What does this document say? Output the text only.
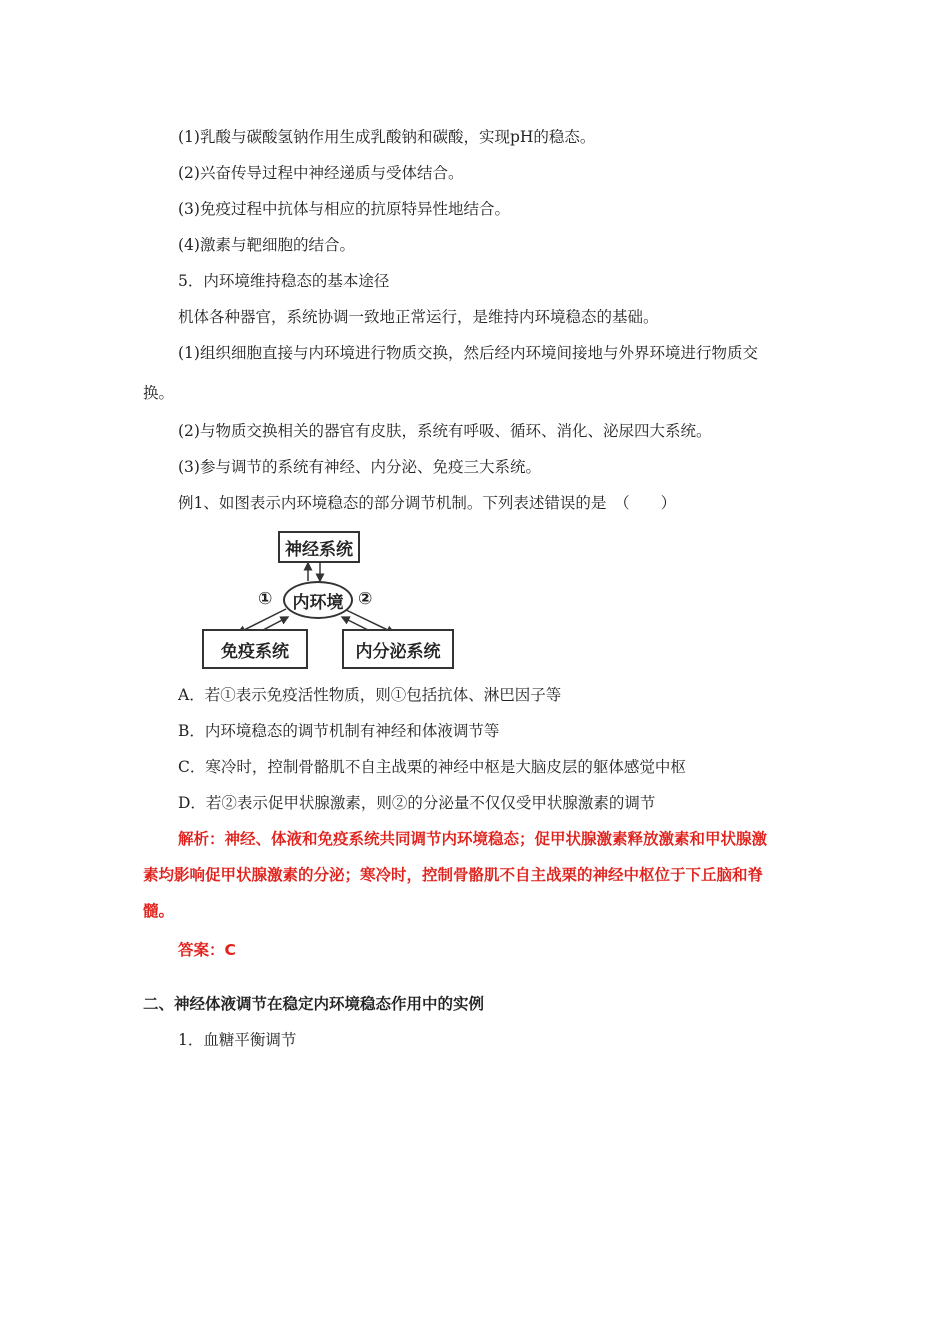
(1)乳酸与碳酸氢钠作用生成乳酸钠和碳酸，实现pH的稳态。
(2)兴奋传导过程中神经递质与受体结合。
(3)免疫过程中抗体与相应的抗原特异性地结合。
(4)激素与靶细胞的结合。
5．内环境维持稳态的基本途径
机体各种器官，系统协调一致地正常运行，是维持内环境稳态的基础。
(1)组织细胞直接与内环境进行物质交换，然后经内环境间接地与外界环境进行物质交
换。
(2)与物质交换相关的器官有皮肤，系统有呼吸、循环、消化、泌尿四大系统。
(3)参与调节的系统有神经、内分泌、免疫三大系统。
例1、如图表示内环境稳态的部分调节机制。下列表述错误的是　（　　）
神经系统
内环境
①	②
免疫系统	内分泌系统
A．若①表示免疫活性物质，则①包括抗体、淋巴因子等
B．内环境稳态的调节机制有神经和体液调节等
C．寒冷时，控制骨骼肌不自主战栗的神经中枢是大脑皮层的躯体感觉中枢
D．若②表示促甲状腺激素，则②的分泌量不仅仅受甲状腺激素的调节
解析：神经、体液和免疫系统共同调节内环境稳态；促甲状腺激素释放激素和甲状腺激
素均影响促甲状腺激素的分泌；寒冷时，控制骨骼肌不自主战栗的神经中枢位于下丘脑和脊
髓。
答案：C
二、神经体液调节在稳定内环境稳态作用中的实例
1．血糖平衡调节
